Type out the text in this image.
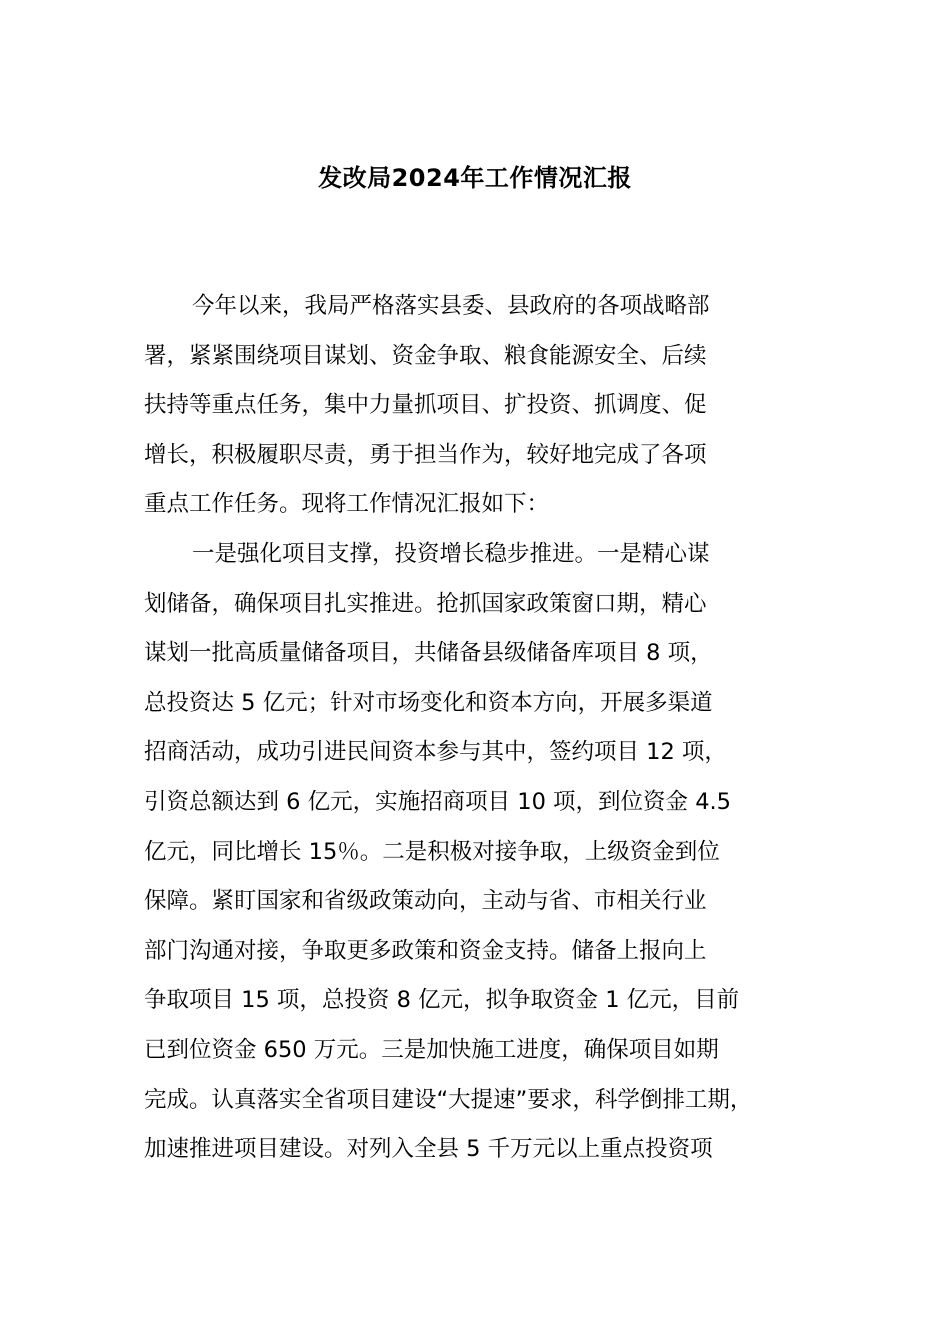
发改局2024年工作情况汇报
今年以来，我局严格落实县委、县政府的各项战略部
署，紧紧围绕项目谋划、资金争取、粮食能源安全、后续
扶持等重点任务，集中力量抓项目、扩投资、抓调度、促
增长，积极履职尽责，勇于担当作为，较好地完成了各项
重点工作任务。现将工作情况汇报如下：
一是强化项目支撑，投资增长稳步推进。一是精心谋
划储备，确保项目扎实推进。抢抓国家政策窗口期，精心
谋划一批高质量储备项目，共储备县级储备库项目 8 项，
总投资达 5 亿元；针对市场变化和资本方向，开展多渠道
招商活动，成功引进民间资本参与其中，签约项目 12 项，
引资总额达到 6 亿元，实施招商项目 10 项，到位资金 4.5
亿元，同比增长 15％。二是积极对接争取，上级资金到位
保障。紧盯国家和省级政策动向，主动与省、市相关行业
部门沟通对接，争取更多政策和资金支持。储备上报向上
争取项目 15 项，总投资 8 亿元，拟争取资金 1 亿元，目前
已到位资金 650 万元。三是加快施工进度，确保项目如期
完成。认真落实全省项目建设“大提速”要求，科学倒排工期，
加速推进项目建设。对列入全县 5 千万元以上重点投资项
